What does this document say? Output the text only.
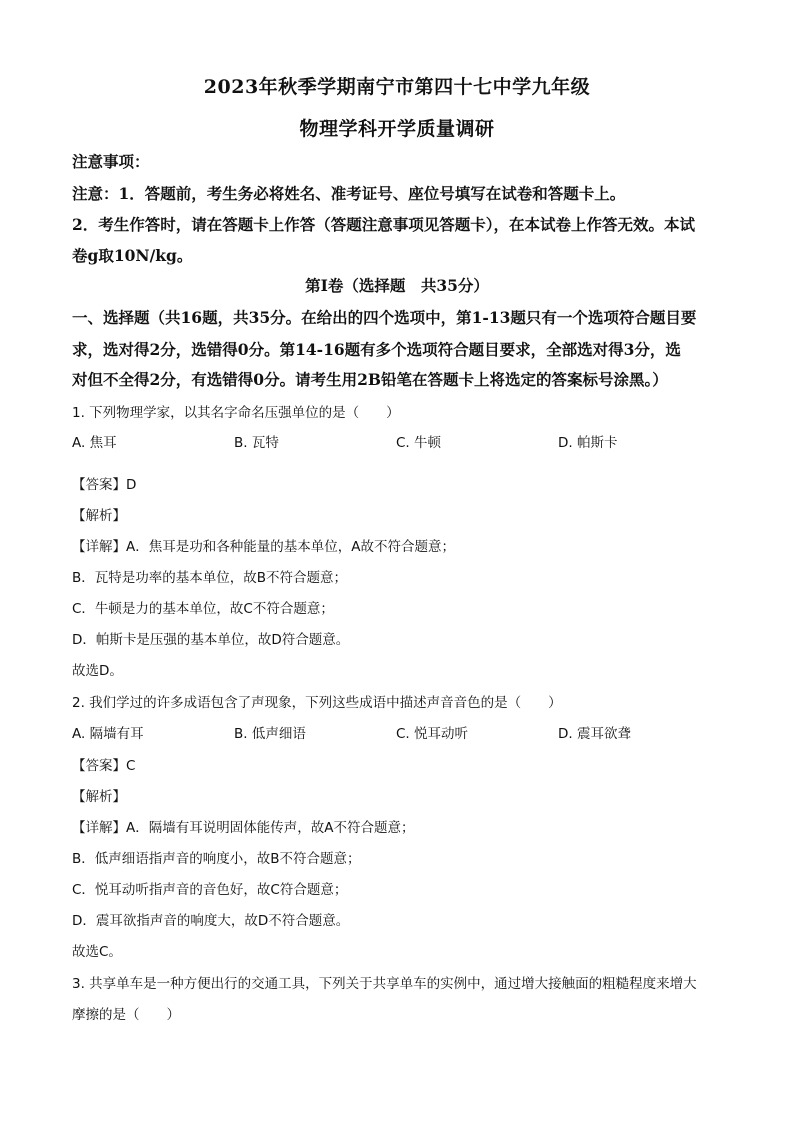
2023年秋季学期南宁市第四十七中学九年级
物理学科开学质量调研
注意事项：
注意：1．答题前，考生务必将姓名、准考证号、座位号填写在试卷和答题卡上。
2．考生作答时，请在答题卡上作答（答题注意事项见答题卡），在本试卷上作答无效。本试
卷g取10N/kg。
第Ⅰ卷（选择题　共35分）
一、选择题（共16题，共35分。在给出的四个选项中，第1-13题只有一个选项符合题目要
求，选对得2分，选错得0分。第14-16题有多个选项符合题目要求，全部选对得3分，选
对但不全得2分，有选错得0分。请考生用2B铅笔在答题卡上将选定的答案标号涂黑。）
1. 下列物理学家，以其名字命名压强单位的是（　　）
A. 焦耳	B. 瓦特	C. 牛顿	D. 帕斯卡
【答案】D
【解析】
【详解】A．焦耳是功和各种能量的基本单位，A故不符合题意；
B．瓦特是功率的基本单位，故B不符合题意；
C．牛顿是力的基本单位，故C不符合题意；
D．帕斯卡是压强的基本单位，故D符合题意。
故选D。
2. 我们学过的许多成语包含了声现象，下列这些成语中描述声音音色的是（　　）
A. 隔墙有耳	B. 低声细语	C. 悦耳动听	D. 震耳欲聋
【答案】C
【解析】
【详解】A．隔墙有耳说明固体能传声，故A不符合题意；
B．低声细语指声音的响度小，故B不符合题意；
C．悦耳动听指声音的音色好，故C符合题意；
D．震耳欲指声音的响度大，故D不符合题意。
故选C。
3. 共享单车是一种方便出行的交通工具，下列关于共享单车的实例中，通过增大接触面的粗糙程度来增大
摩擦的是（　　）
